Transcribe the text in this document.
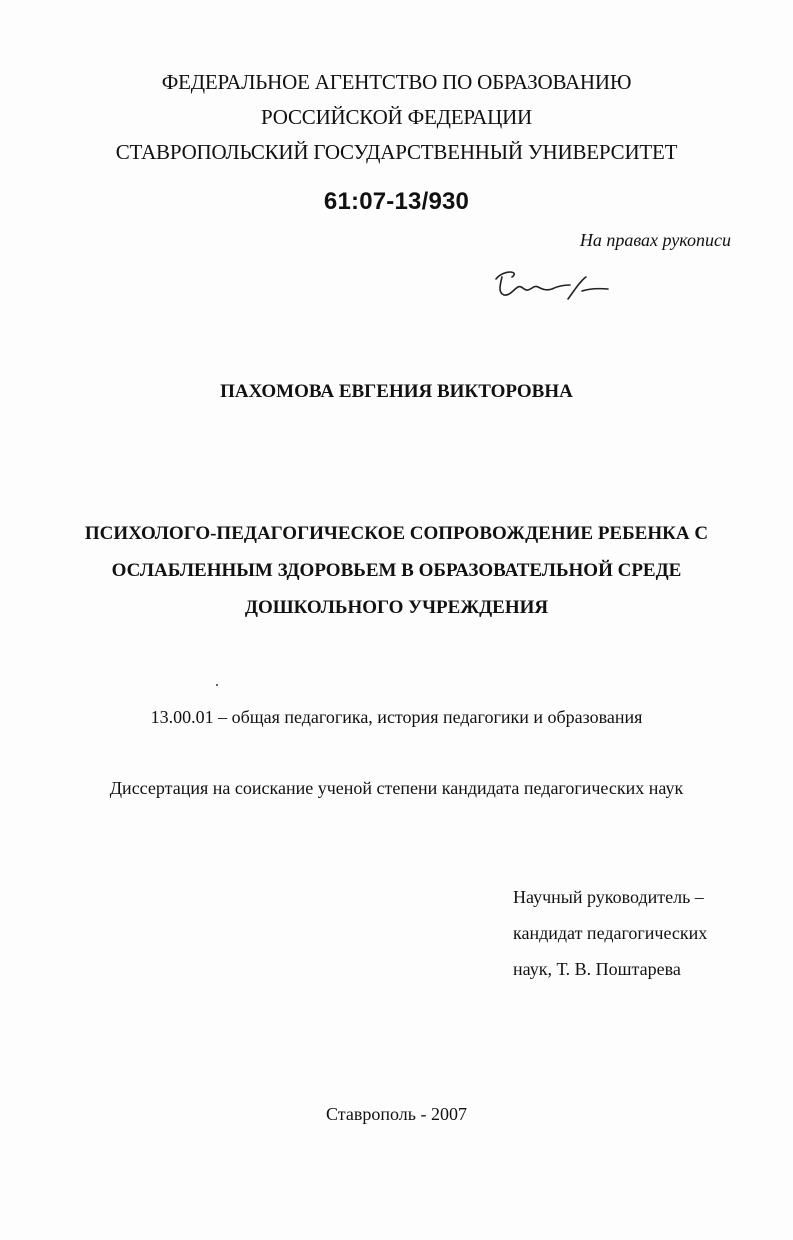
ФЕДЕРАЛЬНОЕ АГЕНТСТВО ПО ОБРАЗОВАНИЮ
РОССИЙСКОЙ ФЕДЕРАЦИИ
СТАВРОПОЛЬСКИЙ ГОСУДАРСТВЕННЫЙ УНИВЕРСИТЕТ
61:07-13/930
На правах рукописи
ПАХОМОВА ЕВГЕНИЯ ВИКТОРОВНА
ПСИХОЛОГО-ПЕДАГОГИЧЕСКОЕ СОПРОВОЖДЕНИЕ РЕБЕНКА С
ОСЛАБЛЕННЫМ ЗДОРОВЬЕМ В ОБРАЗОВАТЕЛЬНОЙ СРЕДЕ
ДОШКОЛЬНОГО УЧРЕЖДЕНИЯ
13.00.01 – общая педагогика, история педагогики и образования
Диссертация на соискание ученой степени кандидата педагогических наук
Научный руководитель –
кандидат педагогических
наук, Т. В. Поштарева
Ставрополь - 2007
